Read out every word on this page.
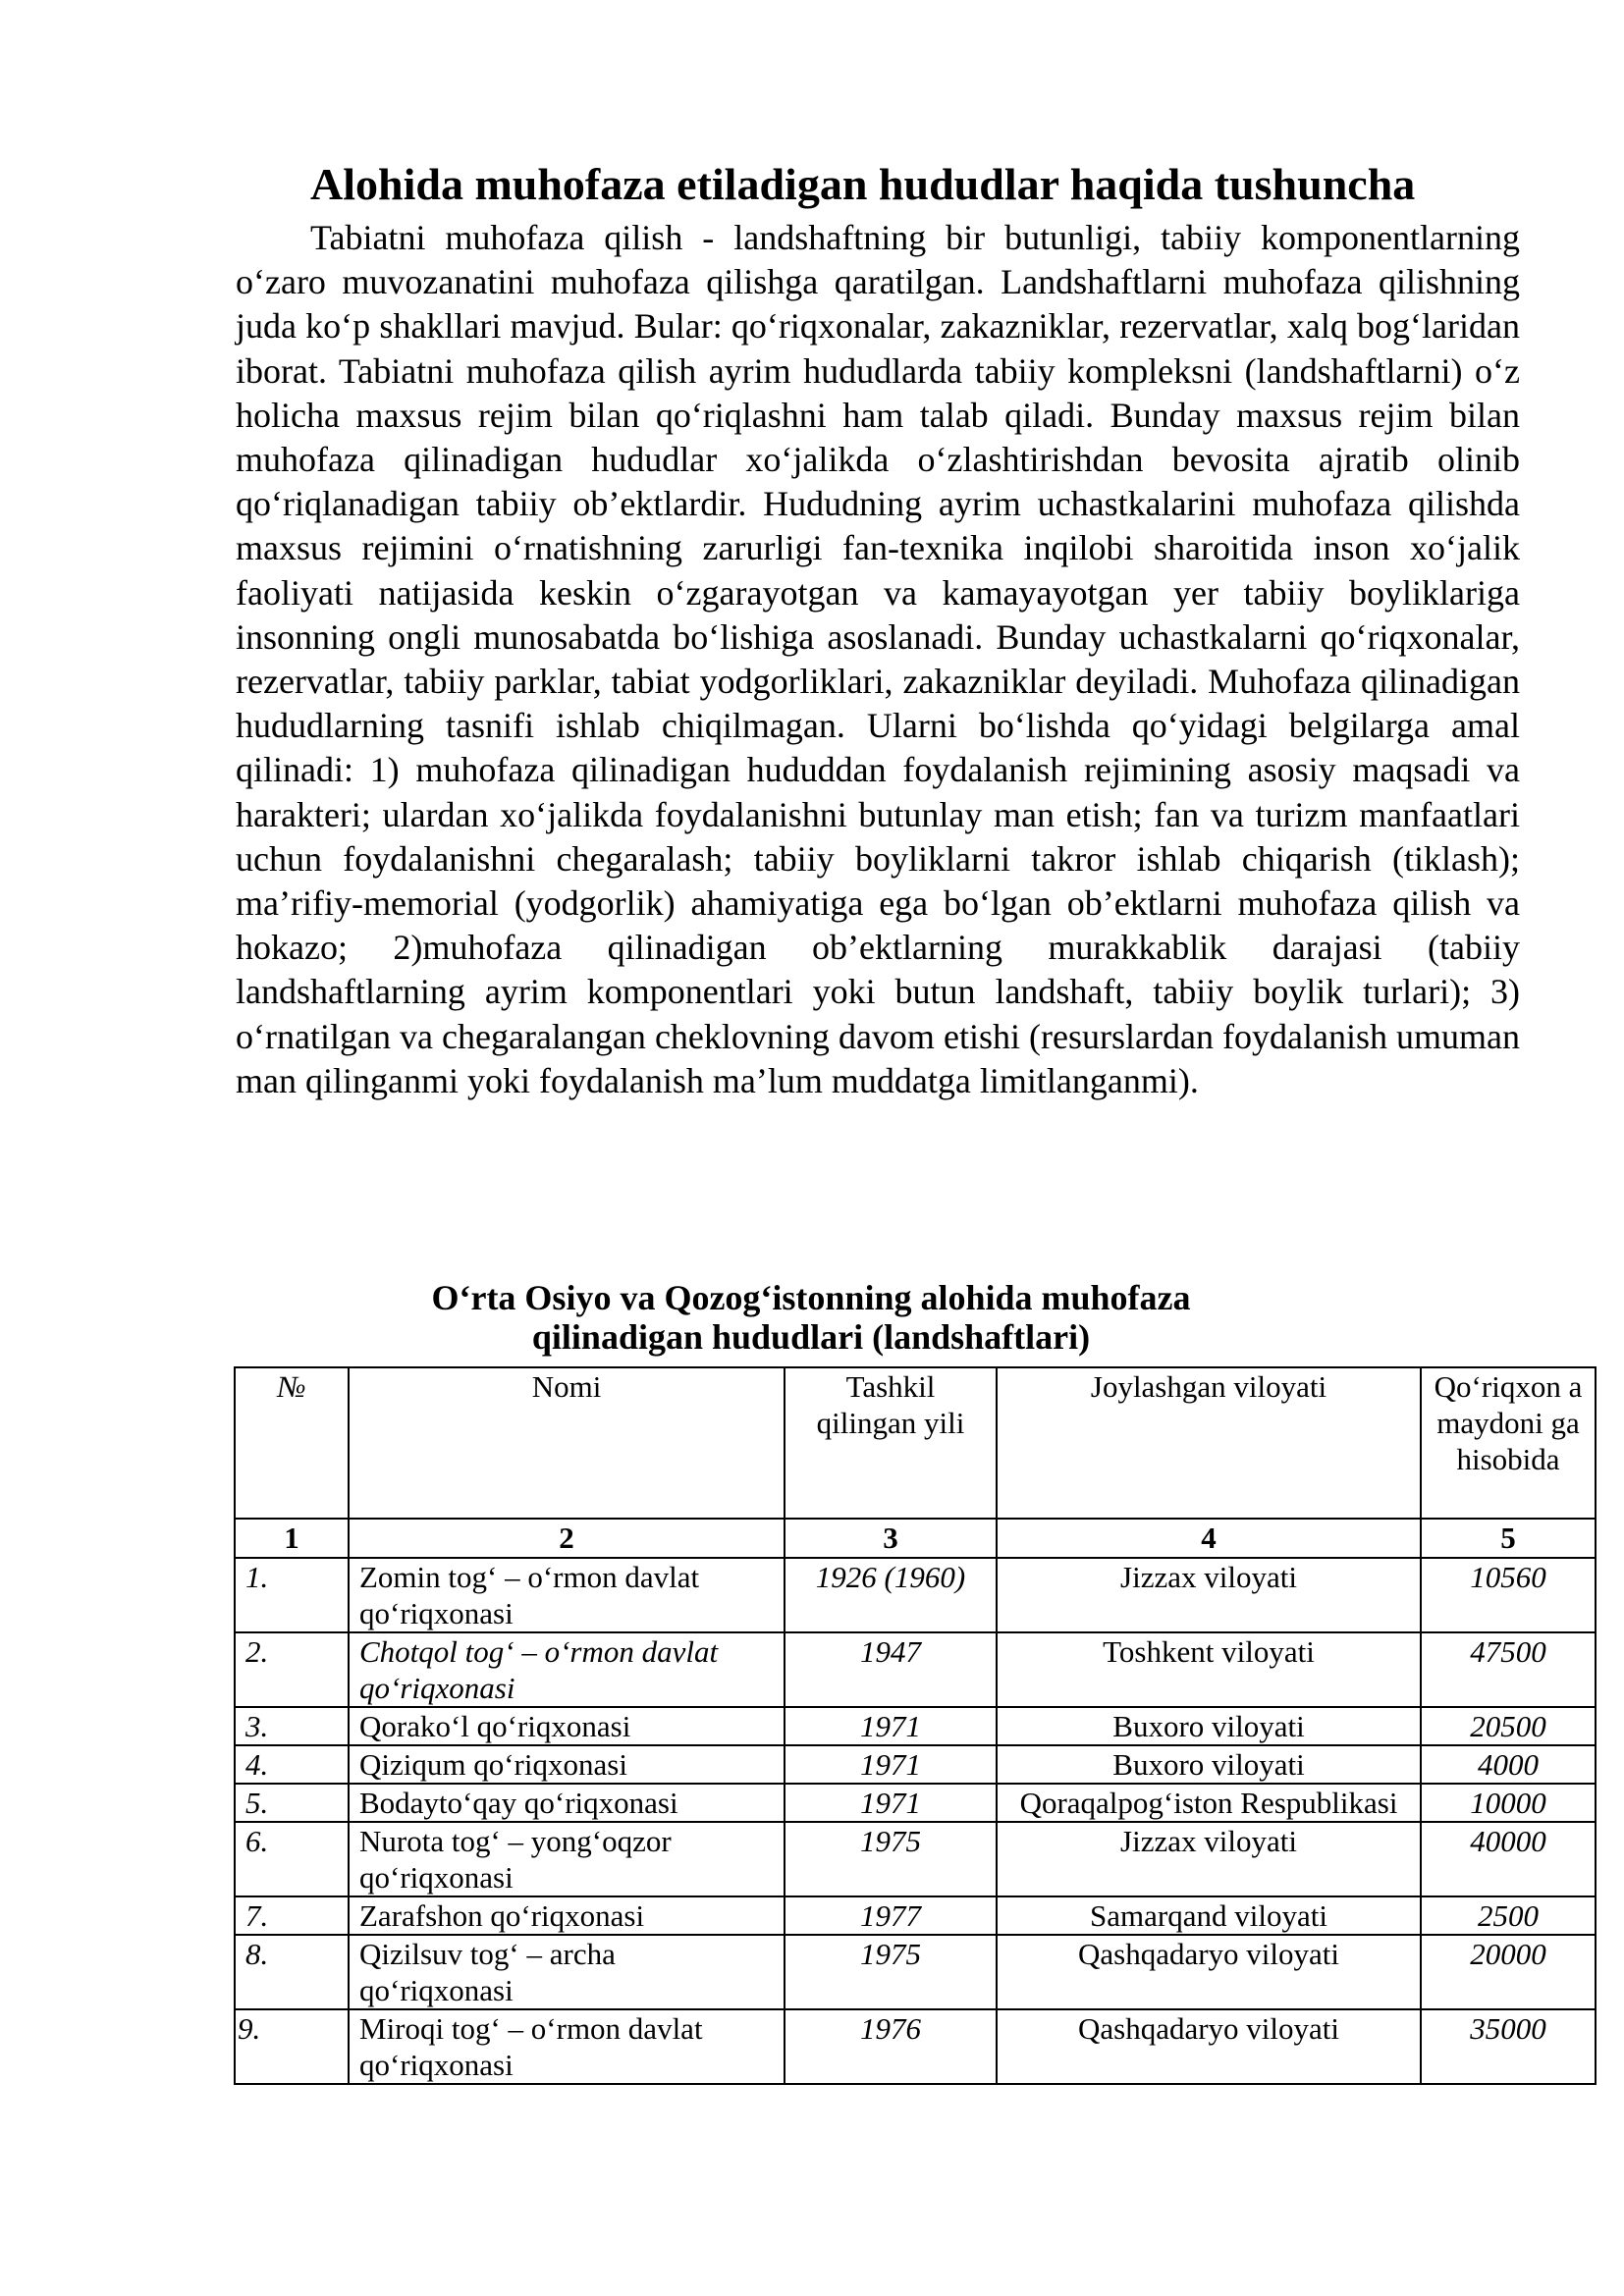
Alohida muhofaza etiladigan hududlar haqida tushuncha

Tabiatni muhofaza qilish - landshaftning bir butunligi, tabiiy komponentlarning o‘zaro muvozanatini muhofaza qilishga qaratilgan. Landshaftlarni muhofaza qilishning juda ko‘p shakllari mavjud. Bular: qo‘riqxonalar, zakazniklar, rezervatlar, xalq bog‘laridan iborat. Tabiatni muhofaza qilish ayrim hududlarda tabiiy kompleksni (landshaftlarni) o‘z holicha maxsus rejim bilan qo‘riqlashni ham talab qiladi. Bunday maxsus rejim bilan muhofaza qilinadigan hududlar xo‘jalikda o‘zlashtirishdan bevosita ajratib olinib qo‘riqlanadigan tabiiy ob’ektlardir. Hududning ayrim uchastkalarini muhofaza qilishda maxsus rejimini o‘rnatishning zarurligi fan-texnika inqilobi sharoitida inson xo‘jalik faoliyati natijasida keskin o‘zgarayotgan va kamayayotgan yer tabiiy boyliklariga insonning ongli munosabatda bo‘lishiga asoslanadi. Bunday uchastkalarni qo‘riqxonalar, rezervatlar, tabiiy parklar, tabiat yodgorliklari, zakazniklar deyiladi. Muhofaza qilinadigan hududlarning tasnifi ishlab chiqilmagan. Ularni bo‘lishda qo‘yidagi belgilarga amal qilinadi: 1) muhofaza qilinadigan hududdan foydalanish rejimining asosiy maqsadi va harakteri; ulardan xo‘jalikda foydalanishni butunlay man etish; fan va turizm manfaatlari uchun foydalanishni chegaralash; tabiiy boyliklarni takror ishlab chiqarish (tiklash); ma’rifiy-memorial (yodgorlik) ahamiyatiga ega bo‘lgan ob’ektlarni muhofaza qilish va hokazo; 2)muhofaza qilinadigan ob’ektlarning murakkablik darajasi (tabiiy landshaftlarning ayrim komponentlari yoki butun landshaft, tabiiy boylik turlari); 3) o‘rnatilgan va chegaralangan cheklovning davom etishi (resurslardan foydalanish umuman man qilinganmi yoki foydalanish ma’lum muddatga limitlanganmi).

O‘rta Osiyo va Qozog‘istonning alohida muhofaza
qilinadigan hududlari (landshaftlari)
№	Nomi	Tashkil qilingan yili	Joylashgan viloyati	Qo‘riqxon a maydoni ga hisobida
1	2	3	4	5
1.	Zomin tog‘ – o‘rmon davlat qo‘riqxonasi	1926 (1960)	Jizzax viloyati	10560
2.	Chotqol tog‘ – o‘rmon davlat qo‘riqxonasi	1947	Toshkent viloyati	47500
3.	Qorako‘l qo‘riqxonasi	1971	Buxoro viloyati	20500
4.	Qiziqum qo‘riqxonasi	1971	Buxoro viloyati	4000
5.	Bodayto‘qay qo‘riqxonasi	1971	Qoraqalpog‘iston Respublikasi	10000
6.	Nurota tog‘ – yong‘oqzor qo‘riqxonasi	1975	Jizzax viloyati	40000
7.	Zarafshon qo‘riqxonasi	1977	Samarqand viloyati	2500
8.	Qizilsuv tog‘ – archa qo‘riqxonasi	1975	Qashqadaryo viloyati	20000
9.	Miroqi tog‘ – o‘rmon davlat qo‘riqxonasi	1976	Qashqadaryo viloyati	35000
